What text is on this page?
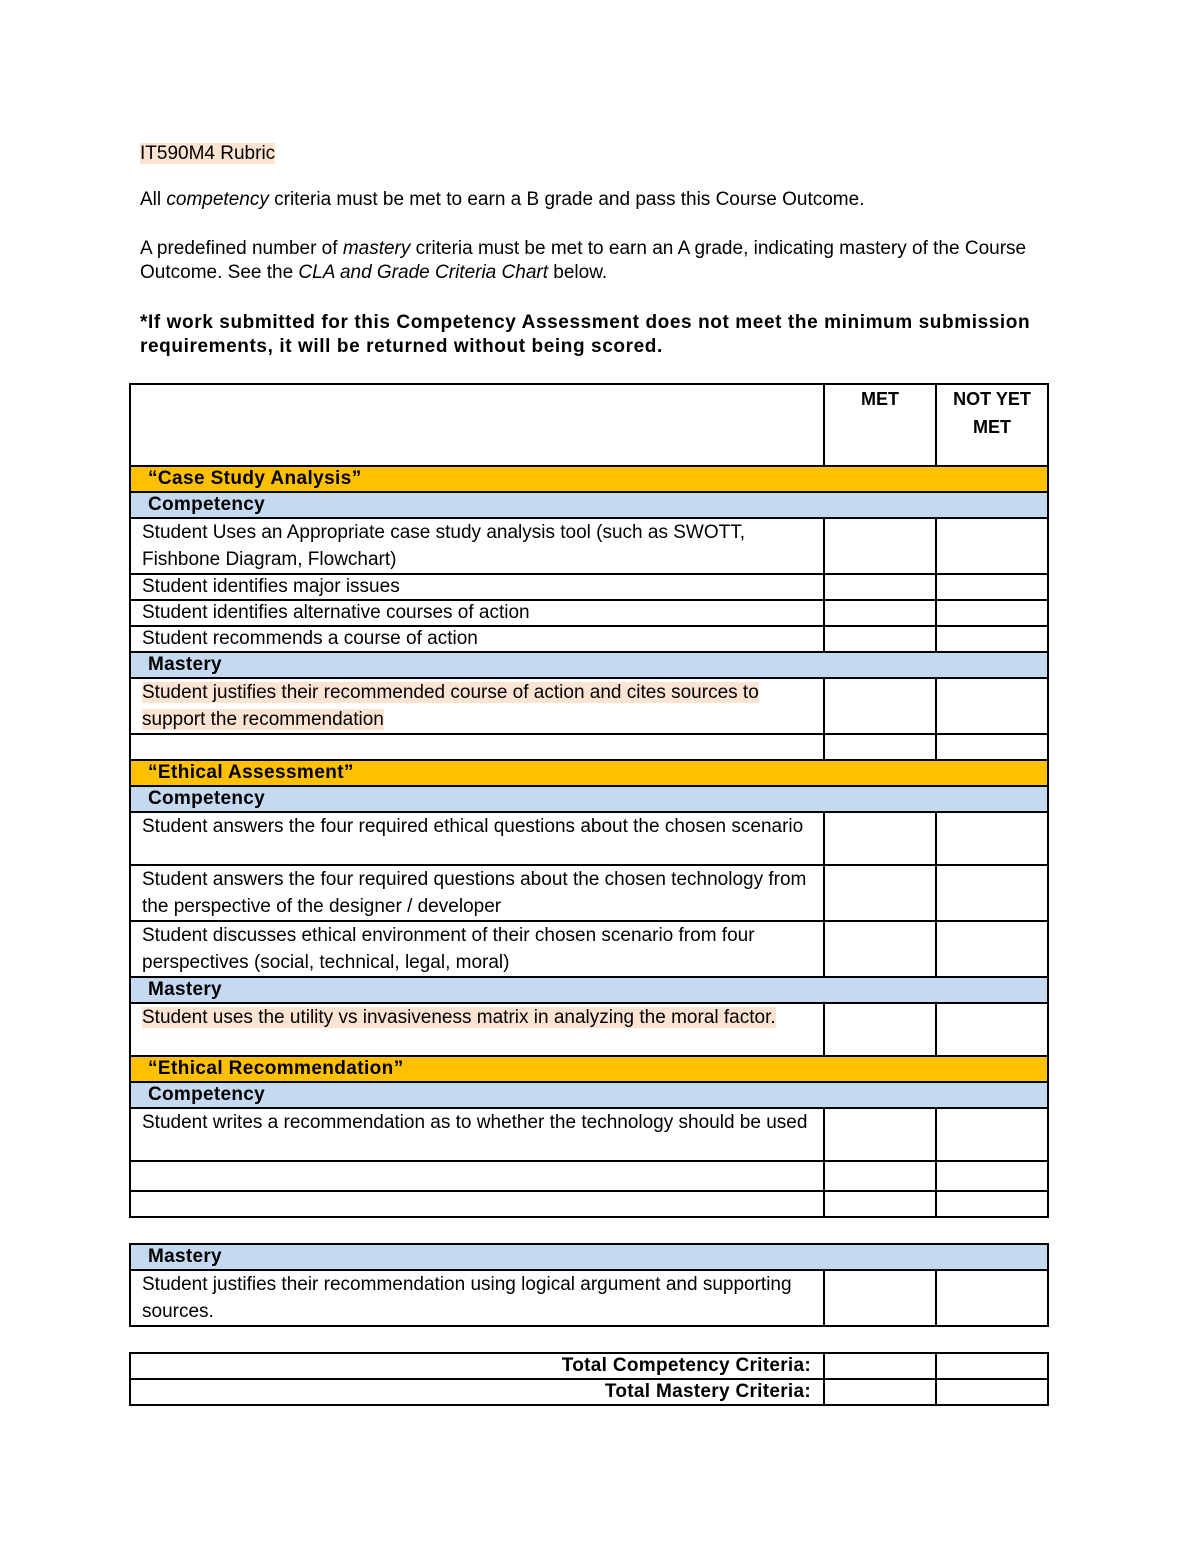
IT590M4 Rubric
All competency criteria must be met to earn a B grade and pass this Course Outcome.
A predefined number of mastery criteria must be met to earn an A grade, indicating mastery of the Course Outcome. See the CLA and Grade Criteria Chart below.
*If work submitted for this Competency Assessment does not meet the minimum submission requirements, it will be returned without being scored.
	MET	NOT YET MET
“Case Study Analysis”		
Competency		
Student Uses an Appropriate case study analysis tool (such as SWOTT, Fishbone Diagram, Flowchart)		
Student identifies major issues		
Student identifies alternative courses of action		
Student recommends a course of action		
Mastery		
Student justifies their recommended course of action and cites sources to support the recommendation		

“Ethical Assessment”		
Competency		
Student answers the four required ethical questions about the chosen scenario		
Student answers the four required questions about the chosen technology from the perspective of the designer / developer		
Student discusses ethical environment of their chosen scenario from four perspectives (social, technical, legal, moral)		
Mastery		
Student uses the utility vs invasiveness matrix in analyzing the moral factor.		
“Ethical Recommendation”		
Competency		
Student writes a recommendation as to whether the technology should be used		

Mastery
Student justifies their recommendation using logical argument and supporting sources.		
Total Competency Criteria:		
Total Mastery Criteria:		
